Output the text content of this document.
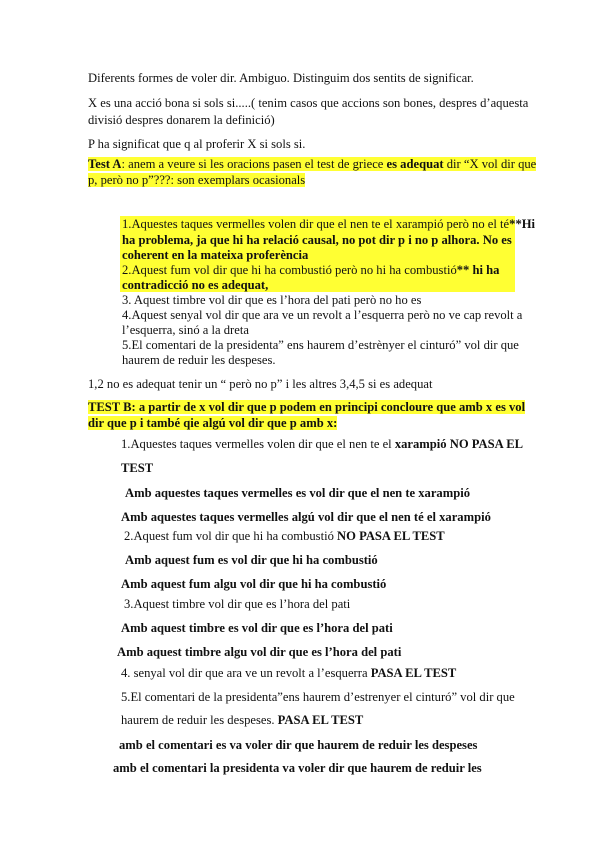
Diferents formes de voler dir. Ambiguo. Distinguim dos sentits de significar.
X es una acció bona si sols si.....( tenim casos que accions son bones, despres d’aquesta
divisió despres donarem la definició)
P ha significat que q al proferir X si sols si.
Test A: anem a veure si les oracions pasen el test de griece es adequat dir “X vol dir que
p, però no p”???: son exemplars ocasionals
1.Aquestes taques vermelles volen dir que el nen te el xarampió però no el té**Hi
ha problema, ja que hi ha relació causal, no pot dir p i no p alhora. No es
coherent en la mateixa proferència
2.Aquest fum vol dir que hi ha combustió però no hi ha combustió** hi ha
contradicció no es adequat,
3. Aquest timbre vol dir que es l’hora del pati però no ho es
4.Aquest senyal vol dir que ara ve un revolt a l’esquerra però no ve cap revolt a
l’esquerra, sinó a la dreta
5.El comentari de la presidenta” ens haurem d’estrènyer el cinturó” vol dir que
haurem de reduir les despeses.
1,2 no es adequat tenir un “ però no p” i les altres 3,4,5 si es adequat
TEST B: a partir de x vol dir que p podem en principi concloure que amb x es vol
dir que p i també qie algú vol dir que p amb x:
1.Aquestes taques vermelles volen dir que el nen te el xarampió NO PASA EL
TEST
Amb aquestes taques vermelles es vol dir que el nen te xarampió
Amb aquestes taques vermelles algú vol dir que el nen té el xarampió
2.Aquest fum vol dir que hi ha combustió NO PASA EL TEST
Amb aquest fum es vol dir que hi ha combustió
Amb aquest fum algu vol dir que hi ha combustió
3.Aquest timbre vol dir que es l’hora del pati
Amb aquest timbre es vol dir que es l’hora del pati
Amb aquest timbre algu vol dir que es l’hora del pati
4. senyal vol dir que ara ve un revolt a l’esquerra PASA EL TEST
5.El comentari de la presidenta”ens haurem d’estrenyer el cinturó” vol dir que
haurem de reduir les despeses. PASA EL TEST
amb el comentari es va voler dir que haurem de reduir les despeses
amb el comentari la presidenta va voler dir que haurem de reduir les
